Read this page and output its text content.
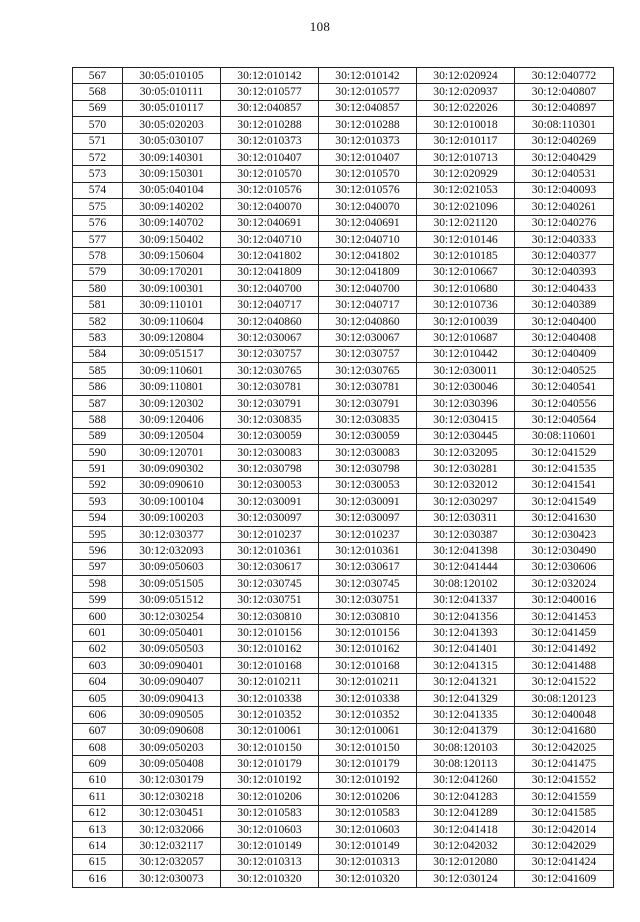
108
567	30:05:010105	30:12:010142	30:12:010142	30:12:020924	30:12:040772
568	30:05:010111	30:12:010577	30:12:010577	30:12:020937	30:12:040807
569	30:05:010117	30:12:040857	30:12:040857	30:12:022026	30:12:040897
570	30:05:020203	30:12:010288	30:12:010288	30:12:010018	30:08:110301
571	30:05:030107	30:12:010373	30:12:010373	30:12:010117	30:12:040269
572	30:09:140301	30:12:010407	30:12:010407	30:12:010713	30:12:040429
573	30:09:150301	30:12:010570	30:12:010570	30:12:020929	30:12:040531
574	30:05:040104	30:12:010576	30:12:010576	30:12:021053	30:12:040093
575	30:09:140202	30:12:040070	30:12:040070	30:12:021096	30:12:040261
576	30:09:140702	30:12:040691	30:12:040691	30:12:021120	30:12:040276
577	30:09:150402	30:12:040710	30:12:040710	30:12:010146	30:12:040333
578	30:09:150604	30:12:041802	30:12:041802	30:12:010185	30:12:040377
579	30:09:170201	30:12:041809	30:12:041809	30:12:010667	30:12:040393
580	30:09:100301	30:12:040700	30:12:040700	30:12:010680	30:12:040433
581	30:09:110101	30:12:040717	30:12:040717	30:12:010736	30:12:040389
582	30:09:110604	30:12:040860	30:12:040860	30:12:010039	30:12:040400
583	30:09:120804	30:12:030067	30:12:030067	30:12:010687	30:12:040408
584	30:09:051517	30:12:030757	30:12:030757	30:12:010442	30:12:040409
585	30:09:110601	30:12:030765	30:12:030765	30:12:030011	30:12:040525
586	30:09:110801	30:12:030781	30:12:030781	30:12:030046	30:12:040541
587	30:09:120302	30:12:030791	30:12:030791	30:12:030396	30:12:040556
588	30:09:120406	30:12:030835	30:12:030835	30:12:030415	30:12:040564
589	30:09:120504	30:12:030059	30:12:030059	30:12:030445	30:08:110601
590	30:09:120701	30:12:030083	30:12:030083	30:12:032095	30:12:041529
591	30:09:090302	30:12:030798	30:12:030798	30:12:030281	30:12:041535
592	30:09:090610	30:12:030053	30:12:030053	30:12:032012	30:12:041541
593	30:09:100104	30:12:030091	30:12:030091	30:12:030297	30:12:041549
594	30:09:100203	30:12:030097	30:12:030097	30:12:030311	30:12:041630
595	30:12:030377	30:12:010237	30:12:010237	30:12:030387	30:12:030423
596	30:12:032093	30:12:010361	30:12:010361	30:12:041398	30:12:030490
597	30:09:050603	30:12:030617	30:12:030617	30:12:041444	30:12:030606
598	30:09:051505	30:12:030745	30:12:030745	30:08:120102	30:12:032024
599	30:09:051512	30:12:030751	30:12:030751	30:12:041337	30:12:040016
600	30:12:030254	30:12:030810	30:12:030810	30:12:041356	30:12:041453
601	30:09:050401	30:12:010156	30:12:010156	30:12:041393	30:12:041459
602	30:09:050503	30:12:010162	30:12:010162	30:12:041401	30:12:041492
603	30:09:090401	30:12:010168	30:12:010168	30:12:041315	30:12:041488
604	30:09:090407	30:12:010211	30:12:010211	30:12:041321	30:12:041522
605	30:09:090413	30:12:010338	30:12:010338	30:12:041329	30:08:120123
606	30:09:090505	30:12:010352	30:12:010352	30:12:041335	30:12:040048
607	30:09:090608	30:12:010061	30:12:010061	30:12:041379	30:12:041680
608	30:09:050203	30:12:010150	30:12:010150	30:08:120103	30:12:042025
609	30:09:050408	30:12:010179	30:12:010179	30:08:120113	30:12:041475
610	30:12:030179	30:12:010192	30:12:010192	30:12:041260	30:12:041552
611	30:12:030218	30:12:010206	30:12:010206	30:12:041283	30:12:041559
612	30:12:030451	30:12:010583	30:12:010583	30:12:041289	30:12:041585
613	30:12:032066	30:12:010603	30:12:010603	30:12:041418	30:12:042014
614	30:12:032117	30:12:010149	30:12:010149	30:12:042032	30:12:042029
615	30:12:032057	30:12:010313	30:12:010313	30:12:012080	30:12:041424
616	30:12:030073	30:12:010320	30:12:010320	30:12:030124	30:12:041609
